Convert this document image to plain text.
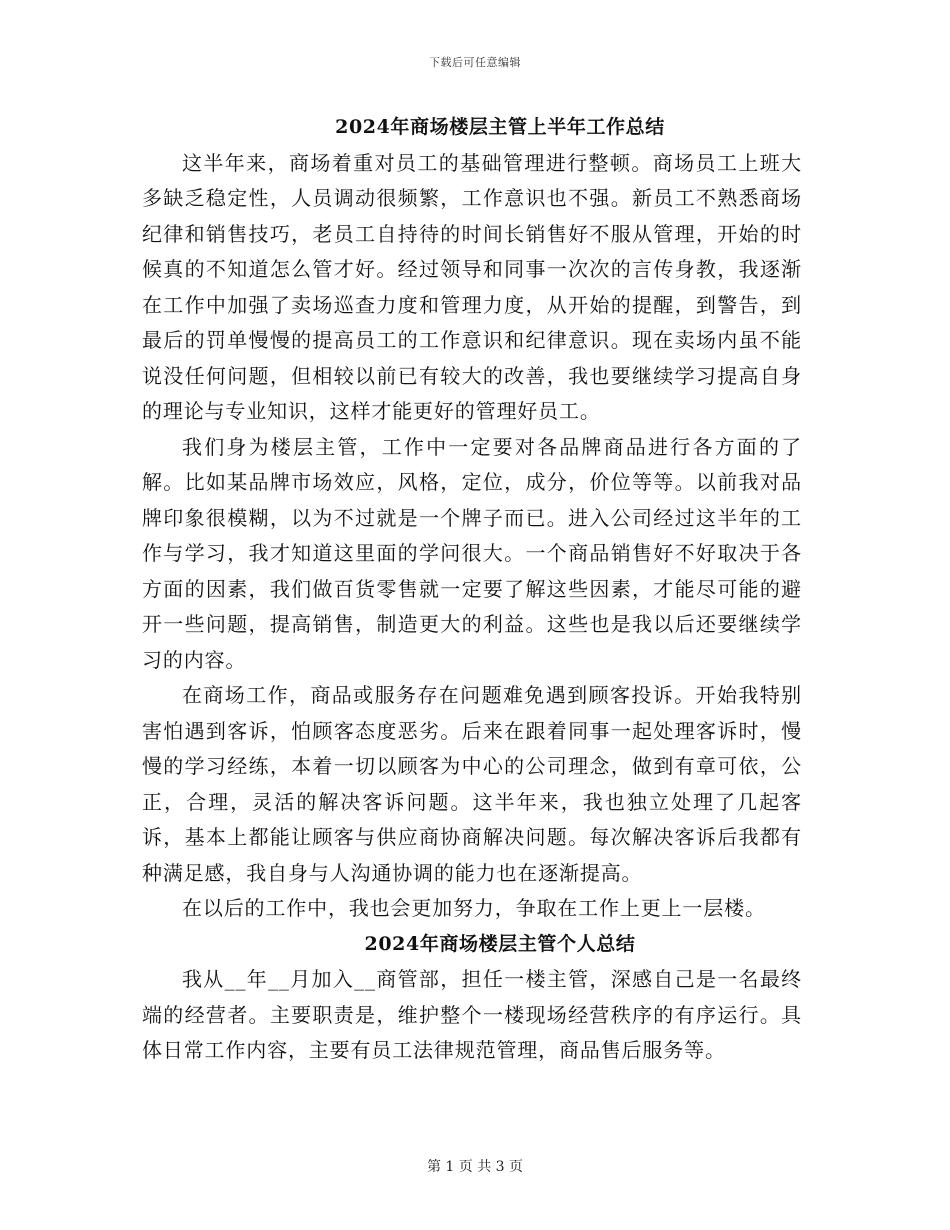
下载后可任意编辑
2024年商场楼层主管上半年工作总结

这半年来，商场着重对员工的基础管理进行整顿。商场员工上班大多缺乏稳定性，人员调动很频繁，工作意识也不强。新员工不熟悉商场纪律和销售技巧，老员工自持待的时间长销售好不服从管理，开始的时候真的不知道怎么管才好。经过领导和同事一次次的言传身教，我逐渐在工作中加强了卖场巡查力度和管理力度，从开始的提醒，到警告，到最后的罚单慢慢的提高员工的工作意识和纪律意识。现在卖场内虽不能说没任何问题，但相较以前已有较大的改善，我也要继续学习提高自身的理论与专业知识，这样才能更好的管理好员工。

我们身为楼层主管，工作中一定要对各品牌商品进行各方面的了解。比如某品牌市场效应，风格，定位，成分，价位等等。以前我对品牌印象很模糊，以为不过就是一个牌子而已。进入公司经过这半年的工作与学习，我才知道这里面的学问很大。一个商品销售好不好取决于各方面的因素，我们做百货零售就一定要了解这些因素，才能尽可能的避开一些问题，提高销售，制造更大的利益。这些也是我以后还要继续学习的内容。

在商场工作，商品或服务存在问题难免遇到顾客投诉。开始我特别害怕遇到客诉，怕顾客态度恶劣。后来在跟着同事一起处理客诉时，慢慢的学习经练，本着一切以顾客为中心的公司理念，做到有章可依，公正，合理，灵活的解决客诉问题。这半年来，我也独立处理了几起客诉，基本上都能让顾客与供应商协商解决问题。每次解决客诉后我都有种满足感，我自身与人沟通协调的能力也在逐渐提高。

在以后的工作中，我也会更加努力，争取在工作上更上一层楼。

2024年商场楼层主管个人总结

我从__年__月加入__商管部，担任一楼主管，深感自己是一名最终端的经营者。主要职责是，维护整个一楼现场经营秩序的有序运行。具体日常工作内容，主要有员工法律规范管理，商品售后服务等。

第 1 页 共 3 页
